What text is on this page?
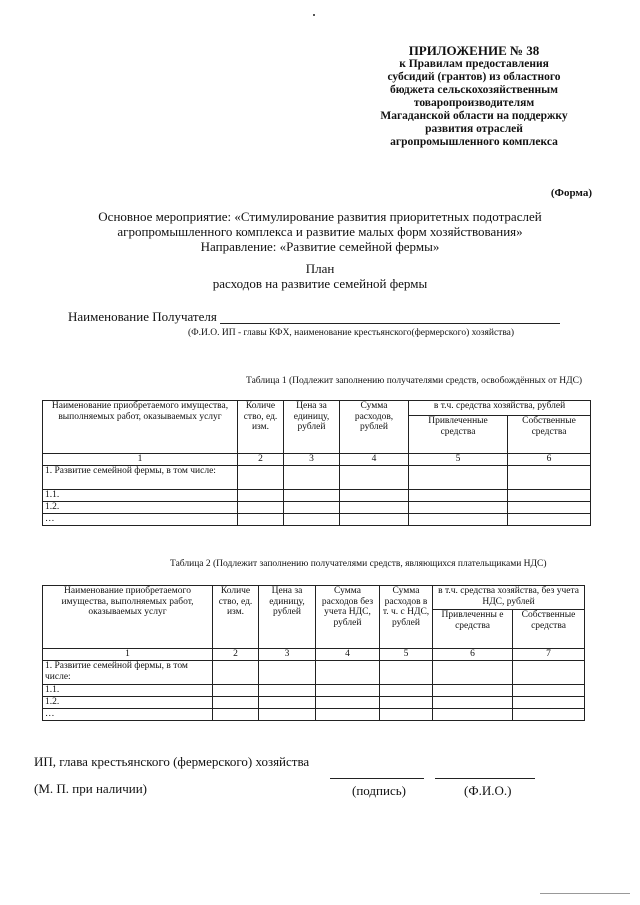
ПРИЛОЖЕНИЕ № 38
к Правилам предоставления
субсидий (грантов) из областного
бюджета сельскохозяйственным
товаропроизводителям
Магаданской области на поддержку
развития отраслей
агропромышленного комплекса
(Форма)
Основное мероприятие: «Стимулирование развития приоритетных подотраслей
агропромышленного комплекса и развитие малых форм хозяйствования»
Направление: «Развитие семейной фермы»
План
расходов на развитие семейной фермы
Наименование Получателя
(Ф.И.О. ИП - главы КФХ, наименование крестьянского(фермерского) хозяйства)
Таблица 1 (Подлежит заполнению получателями средств, освобождённых от НДС)
Наименование приобретаемого имущества, выполняемых работ, оказываемых услуг	Количе ство, ед. изм.	Цена за единицу, рублей	Сумма расходов, рублей	в т.ч. средства хозяйства, рублей	
				Привлеченные средства	Собственные средства
1	2	3	4	5	6
1. Развитие семейной фермы, в том числе:					
1.1.					
1.2.					
…					
Таблица 2 (Подлежит заполнению получателями средств, являющихся плательщиками НДС)
Наименование приобретаемого имущества, выполняемых работ, оказываемых услуг	Количе ство, ед. изм.	Цена за единицу, рублей	Сумма расходов без учета НДС, рублей	Сумма расходов в т. ч. с НДС, рублей	в т.ч. средства хозяйства, без учета НДС, рублей	
					Привлеченны е средства	Собственные средства
1	2	3	4	5	6	7
1. Развитие семейной фермы, в том числе:						
1.1.						
1.2.						
…						
ИП, глава крестьянского (фермерского) хозяйства
(М. П. при наличии)	(подпись)	(Ф.И.О.)
